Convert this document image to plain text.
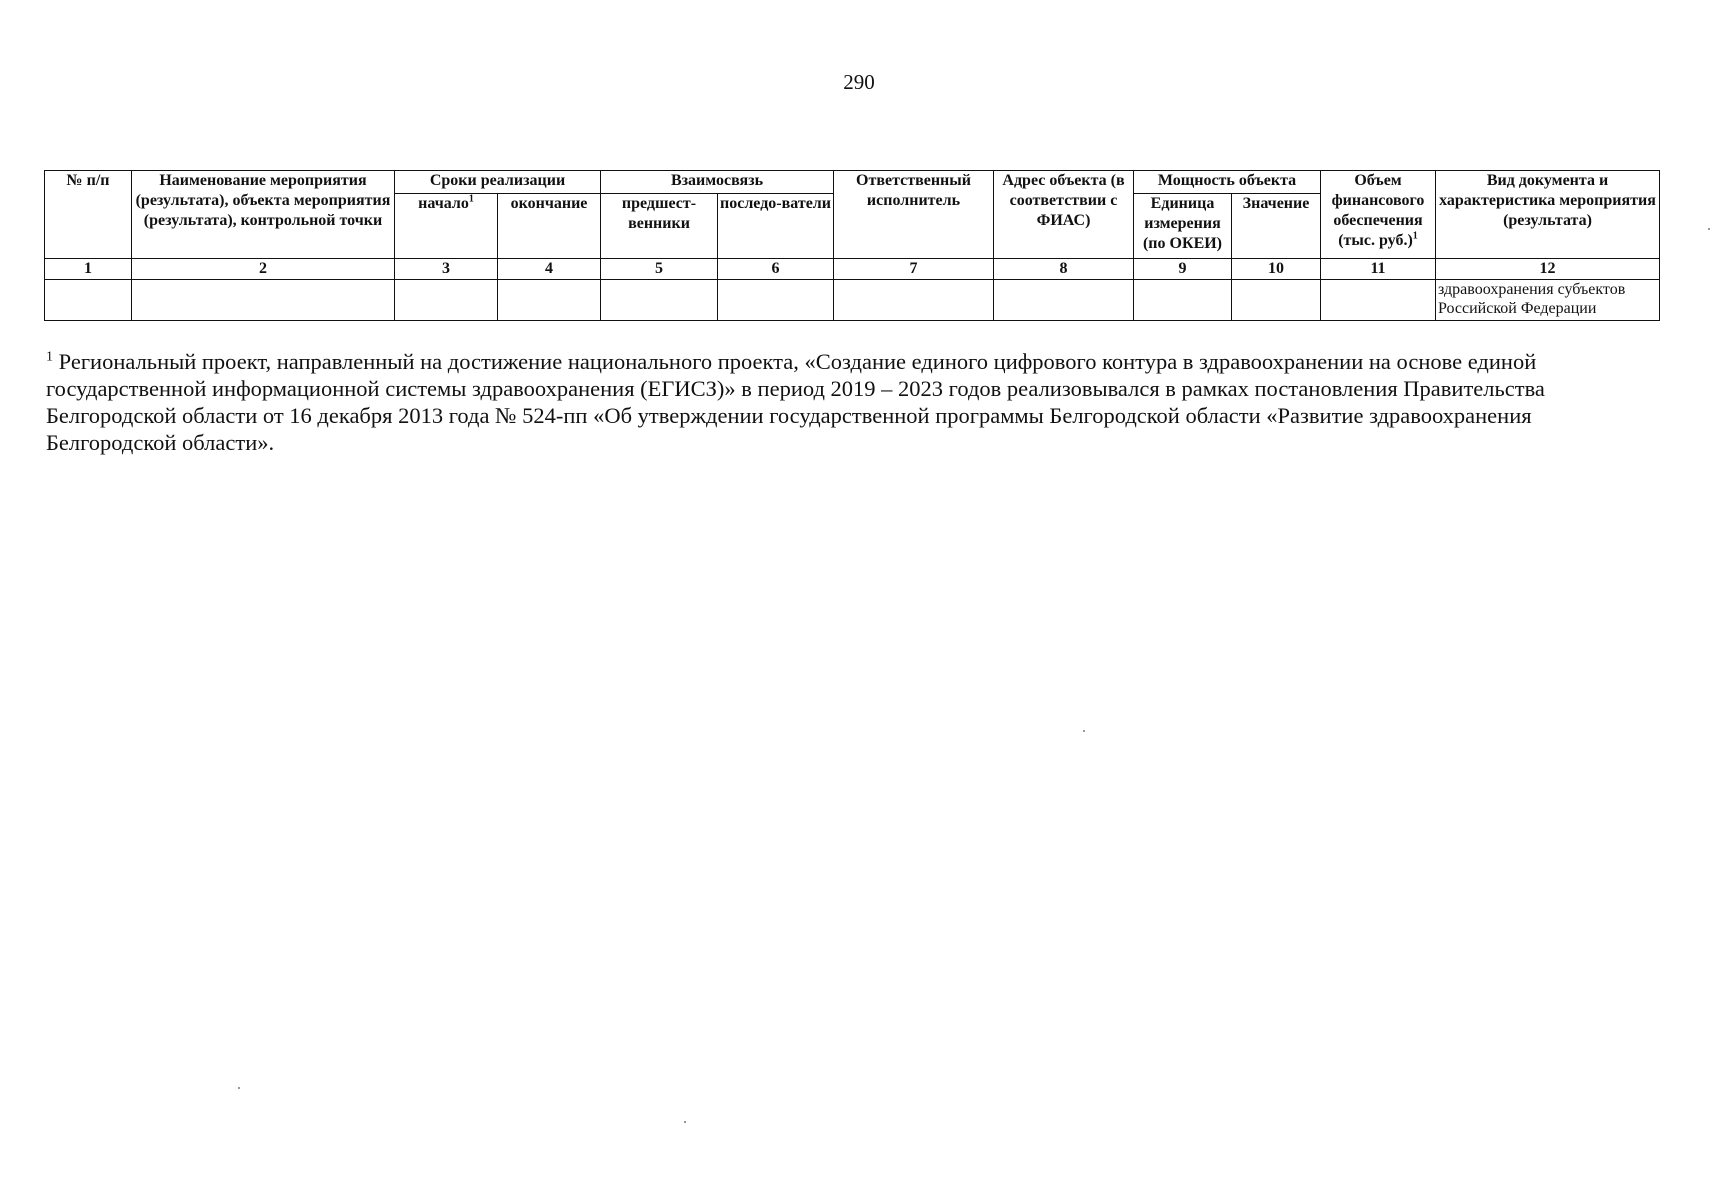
290
№ п/п	Наименование мероприятия (результата), объекта мероприятия (результата), контрольной точки	Сроки реализации		Взаимосвязь		Ответственный исполнитель	Адрес объекта (в соответствии с ФИАС)	Мощность объекта		Объем финансового обеспечения (тыс. руб.)$^1$	Вид документа и характеристика мероприятия (результата)
		начало$^1$	окончание	предшест-венники	последо-ватели			Единица измерения (по ОКЕИ)	Значение		
1	2	3	4	5	6	7	8	9	10	11	12
											здравоохранения субъектов Российской Федерации
$^1$ Региональный проект, направленный на достижение национального проекта, «Создание единого цифрового контура в здравоохранении на основе единой государственной информационной системы здравоохранения (ЕГИСЗ)» в период 2019 – 2023 годов реализовывался в рамках постановления Правительства Белгородской области от 16 декабря 2013 года № 524-пп «Об утверждении государственной программы Белгородской области «Развитие здравоохранения Белгородской области».
